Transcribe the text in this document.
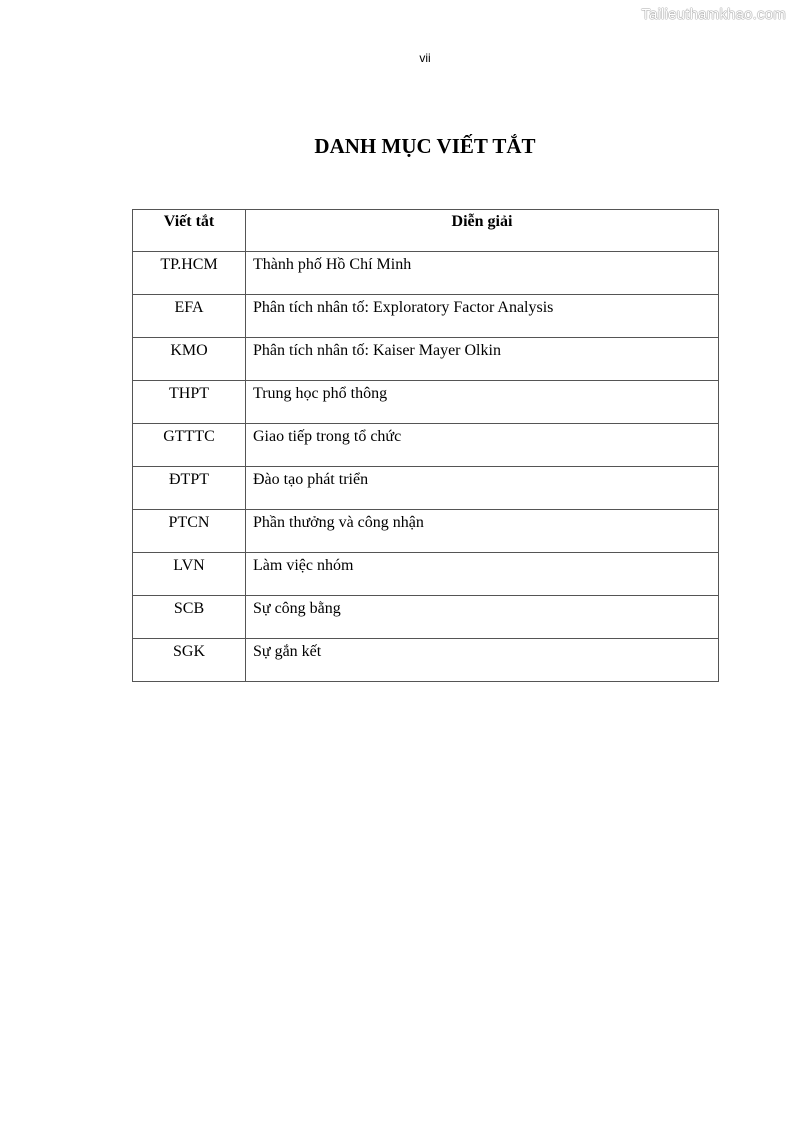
Tailieuthamkhao.com
vii
DANH MỤC VIẾT TẮT
Viết tắt	Diễn giải
TP.HCM	Thành phố Hồ Chí Minh
EFA	Phân tích nhân tố: Exploratory Factor Analysis
KMO	Phân tích nhân tố: Kaiser Mayer Olkin
THPT	Trung học phổ thông
GTTTC	Giao tiếp trong tổ chức
ĐTPT	Đào tạo phát triển
PTCN	Phần thưởng và công nhận
LVN	Làm việc nhóm
SCB	Sự công bằng
SGK	Sự gắn kết
